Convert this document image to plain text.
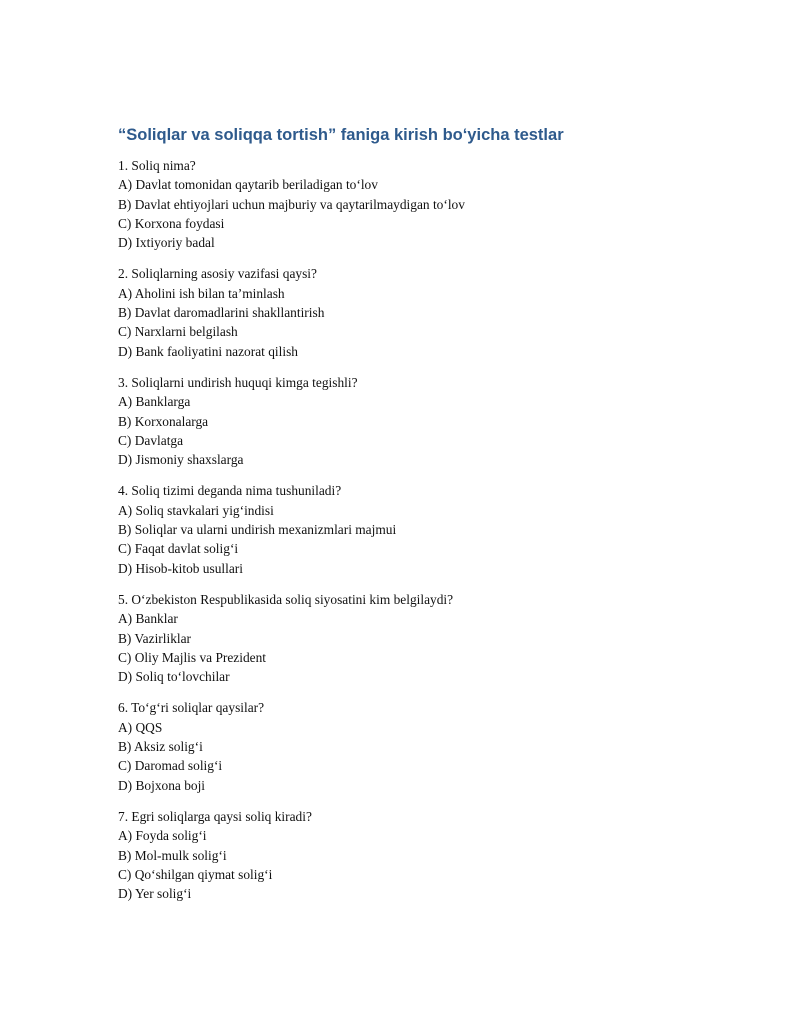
“Soliqlar va soliqqa tortish” faniga kirish bo‘yicha testlar

1. Soliq nima?

A) Davlat tomonidan qaytarib beriladigan to‘lov

B) Davlat ehtiyojlari uchun majburiy va qaytarilmaydigan to‘lov

C) Korxona foydasi

D) Ixtiyoriy badal

2. Soliqlarning asosiy vazifasi qaysi?

A) Aholini ish bilan ta’minlash

B) Davlat daromadlarini shakllantirish

C) Narxlarni belgilash

D) Bank faoliyatini nazorat qilish

3. Soliqlarni undirish huquqi kimga tegishli?

A) Banklarga

B) Korxonalarga

C) Davlatga

D) Jismoniy shaxslarga

4. Soliq tizimi deganda nima tushuniladi?

A) Soliq stavkalari yig‘indisi

B) Soliqlar va ularni undirish mexanizmlari majmui

C) Faqat davlat solig‘i

D) Hisob-kitob usullari

5. O‘zbekiston Respublikasida soliq siyosatini kim belgilaydi?

A) Banklar

B) Vazirliklar

C) Oliy Majlis va Prezident

D) Soliq to‘lovchilar

6. To‘g‘ri soliqlar qaysilar?

A) QQS

B) Aksiz solig‘i

C) Daromad solig‘i

D) Bojxona boji

7. Egri soliqlarga qaysi soliq kiradi?

A) Foyda solig‘i

B) Mol-mulk solig‘i

C) Qo‘shilgan qiymat solig‘i

D) Yer solig‘i
